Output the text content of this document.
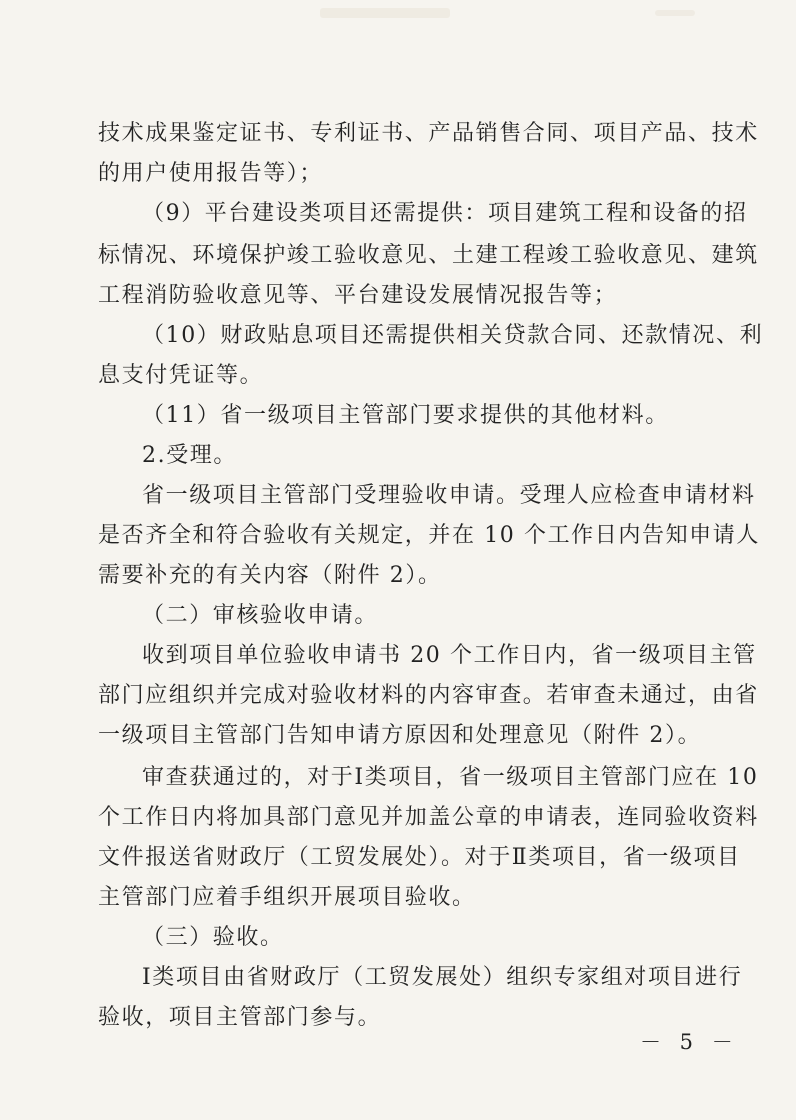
技术成果鉴定证书、专利证书、产品销售合同、项目产品、技术
的用户使用报告等）；
（9）平台建设类项目还需提供：项目建筑工程和设备的招
标情况、环境保护竣工验收意见、土建工程竣工验收意见、建筑
工程消防验收意见等、平台建设发展情况报告等；
（10）财政贴息项目还需提供相关贷款合同、还款情况、利
息支付凭证等。
（11）省一级项目主管部门要求提供的其他材料。
2.受理。
省一级项目主管部门受理验收申请。受理人应检查申请材料
是否齐全和符合验收有关规定，并在 10 个工作日内告知申请人
需要补充的有关内容（附件 2）。
（二）审核验收申请。
收到项目单位验收申请书 20 个工作日内，省一级项目主管
部门应组织并完成对验收材料的内容审查。若审查未通过，由省
一级项目主管部门告知申请方原因和处理意见（附件 2）。
审查获通过的，对于Ⅰ类项目，省一级项目主管部门应在 10
个工作日内将加具部门意见并加盖公章的申请表，连同验收资料
文件报送省财政厅（工贸发展处）。对于Ⅱ类项目，省一级项目
主管部门应着手组织开展项目验收。
（三）验收。
Ⅰ类项目由省财政厅（工贸发展处）组织专家组对项目进行
验收，项目主管部门参与。
－ 5 －
